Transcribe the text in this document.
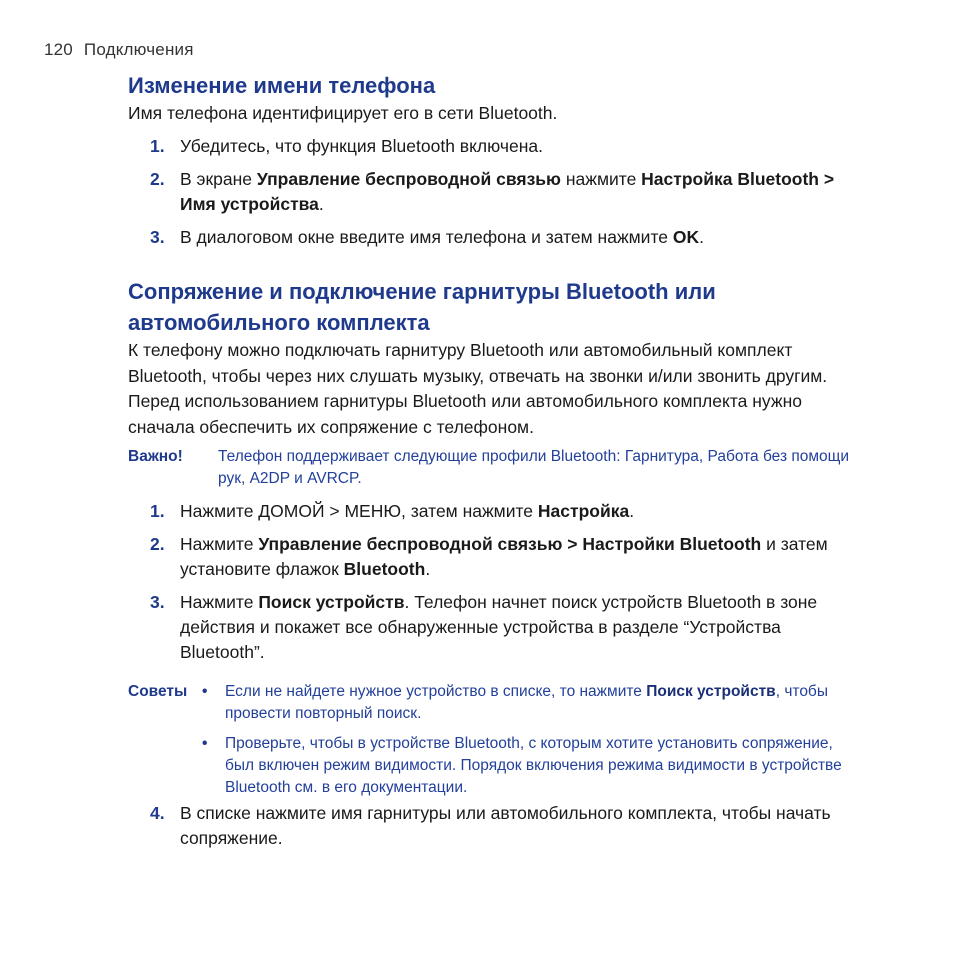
120 Подключения
Изменение имени телефона

Имя телефона идентифицирует его в сети Bluetooth.

1. Убедитесь, что функция Bluetooth включена.
2. В экране Управление беспроводной связью нажмите Настройка Bluetooth > Имя устройства.
3. В диалоговом окне введите имя телефона и затем нажмите OK.
Сопряжение и подключение гарнитуры Bluetooth или
автомобильного комплекта

К телефону можно подключать гарнитуру Bluetooth или автомобильный комплект Bluetooth, чтобы через них слушать музыку, отвечать на звонки и/или звонить другим. Перед использованием гарнитуры Bluetooth или автомобильного комплекта нужно сначала обеспечить их сопряжение с телефоном.

Важно! Телефон поддерживает следующие профили Bluetooth: Гарнитура, Работа без помощи рук, A2DP и AVRCP.
1. Нажмите ДОМОЙ > МЕНЮ, затем нажмите Настройка.
2. Нажмите Управление беспроводной связью > Настройки Bluetooth и затем установите флажок Bluetooth.
3. Нажмите Поиск устройств. Телефон начнет поиск устройств Bluetooth в зоне действия и покажет все обнаруженные устройства в разделе “Устройства Bluetooth”.
Советы • Если не найдете нужное устройство в списке, то нажмите Поиск устройств, чтобы провести повторный поиск.
• Проверьте, чтобы в устройстве Bluetooth, с которым хотите установить сопряжение, был включен режим видимости. Порядок включения режима видимости в устройстве Bluetooth см. в его документации.
4. В списке нажмите имя гарнитуры или автомобильного комплекта, чтобы начать сопряжение.
